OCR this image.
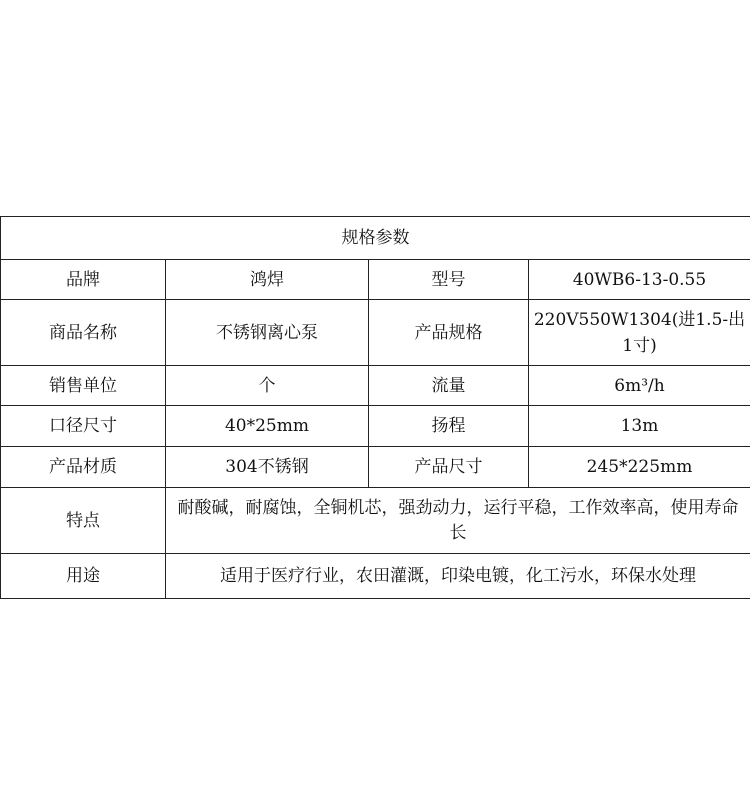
规格参数			
品牌	鸿焊	型号	40WB6-13-0.55
商品名称	不锈钢离心泵	产品规格	220V550W1304(进1.5-出1寸)
销售单位	个	流量	6m³/h
口径尺寸	40*25mm	扬程	13m
产品材质	304不锈钢	产品尺寸	245*225mm
特点	耐酸碱，耐腐蚀，全铜机芯，强劲动力，运行平稳，工作效率高，使用寿命长		
用途	适用于医疗行业，农田灌溉，印染电镀，化工污水，环保水处理		
